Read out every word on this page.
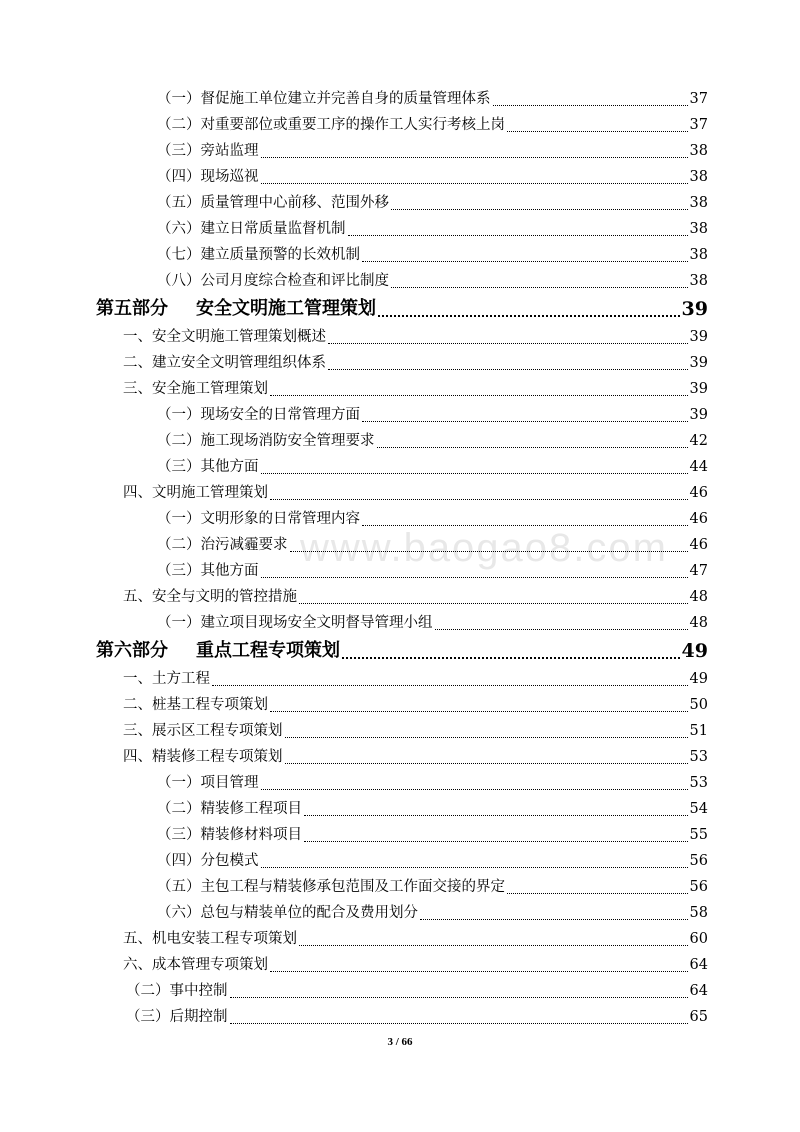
www.baogao8.com
（一）督促施工单位建立并完善自身的质量管理体系	37
（二）对重要部位或重要工序的操作工人实行考核上岗	37
（三）旁站监理	38
（四）现场巡视	38
（五）质量管理中心前移、范围外移	38
（六）建立日常质量监督机制	38
（七）建立质量预警的长效机制	38
（八）公司月度综合检查和评比制度	38
第五部分 安全文明施工管理策划	39
一、安全文明施工管理策划概述	39
二、建立安全文明管理组织体系	39
三、安全施工管理策划	39
（一）现场安全的日常管理方面	39
（二）施工现场消防安全管理要求	42
（三）其他方面	44
四、文明施工管理策划	46
（一）文明形象的日常管理内容	46
（二）治污减霾要求	46
（三）其他方面	47
五、安全与文明的管控措施	48
（一）建立项目现场安全文明督导管理小组	48
第六部分 重点工程专项策划	49
一、土方工程	49
二、桩基工程专项策划	50
三、展示区工程专项策划	51
四、精装修工程专项策划	53
（一）项目管理	53
（二）精装修工程项目	54
（三）精装修材料项目	55
（四）分包模式	56
（五）主包工程与精装修承包范围及工作面交接的界定	56
（六）总包与精装单位的配合及费用划分	58
五、机电安装工程专项策划	60
六、成本管理专项策划	64
（二）事中控制	64
（三）后期控制	65
3 / 66
